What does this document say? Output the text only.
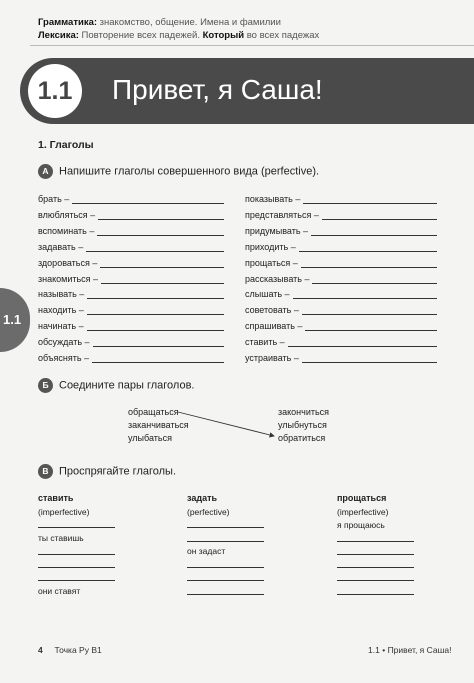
Грамматика: знакомство, общение. Имена и фамилии
Лексика: Повторение всех падежей. Который во всех падежах
1.1	Привет, я Саша!
1.1
1. Глаголы
А Напишите глаголы совершенного вида (perfective).
брать –
влюбляться –
вспоминать –
задавать –
здороваться –
знакомиться –
называть –
находить –
начинать –
обсуждать –
объяснять –
показывать –
представляться –
придумывать –
приходить –
прощаться –
рассказывать –
слышать –
советовать –
спрашивать –
ставить –
устраивать –
Б Соедините пары глаголов.
обращаться
заканчиваться
улыбаться
закончиться
улыбнуться
обратиться
В Проспрягайте глаголы.
ставить
(imperfective)
ты ставишь
они ставят
задать
(perfective)
он задаст
прощаться
(imperfective)
я прощаюсь
4 Точка Ру B1	1.1 • Привет, я Саша!
